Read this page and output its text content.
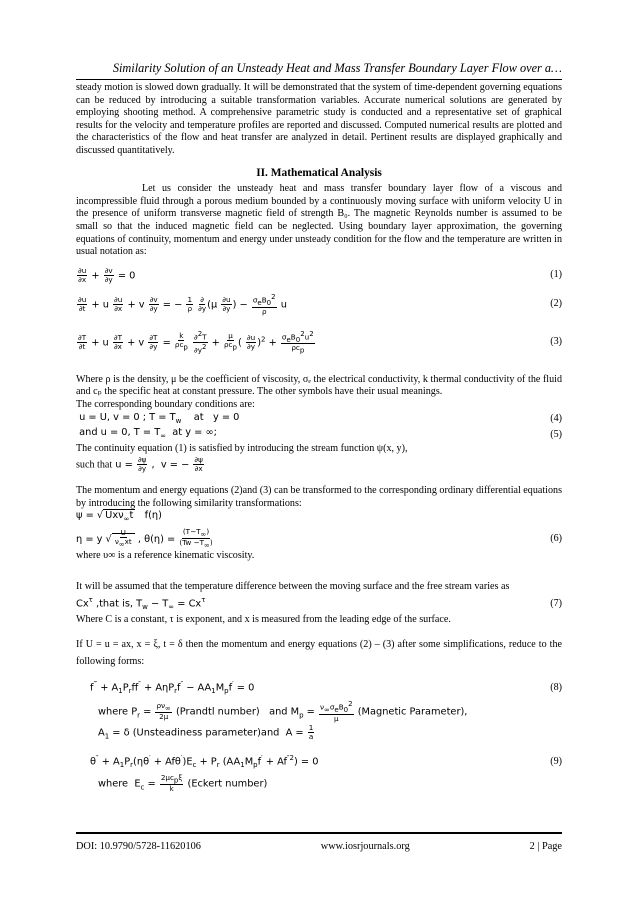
Similarity Solution of an Unsteady Heat and Mass Transfer Boundary Layer Flow over a…

steady motion is slowed down gradually. It will be demonstrated that the system of time-dependent governing equations can be reduced by introducing a suitable transformation variables. Accurate numerical solutions are generated by employing shooting method. A comprehensive parametric study is conducted and a representative set of graphical results for the velocity and temperature profiles are reported and discussed. Computed numerical results are plotted and the characteristics of the flow and heat transfer are analyzed in detail. Pertinent results are displayed graphically and discussed quantitatively.

II. Mathematical Analysis

Let us consider the unsteady heat and mass transfer boundary layer flow of a viscous and incompressible fluid through a porous medium bounded by a continuously moving surface with uniform velocity U in the presence of uniform transverse magnetic field of strength B₀. The magnetic Reynolds number is assumed to be small so that the induced magnetic field can be neglected. Using boundary layer approximation, the governing equations of continuity, momentum and energy under unsteady condition for the flow and the temperature are written in usual notation as:

$\frac{\partial u}{\partial x} + \frac{\partial v}{\partial y} = 0$	(1)
$\frac{\partial u}{\partial t} + u \frac{\partial u}{\partial x} + v \frac{\partial v}{\partial y}$ = − $\frac{1}{\rho}$
$\frac{\partial}{\partial y} (\mu \frac{\partial u}{\partial y}$ ) − $\frac{\sigma_eB_0^2}{\rho}$ u	(2)
$\frac{\partial T}{\partial t} + u \frac{\partial T}{\partial x} + v \frac{\partial T}{\partial y} = \frac{k}{\rho c_p}$
$\frac{\partial^2T}{\partial y^2} + \frac{\mu}{\rho c_p}$ ( $\frac{\partial u}{\partial y} )^2 + \frac{\sigma_eB_0^2u^2}{\rho c_p}$	(3)

Where ρ is the density, μ be the coefficient of viscosity, σₑ the electrical conductivity, k thermal conductivity of the fluid and cₚ the specific heat at constant pressure. The other symbols have their usual meanings.

The corresponding boundary conditions are:

u = U, v = 0 ; $T = T_w$    at   y = 0	(4)
and u = 0, $T = T_\infty$  at y = ∞;	(5)

The continuity equation (1) is satisfied by introducing the stream function ψ(x, y),

such that $u = \frac{\partial\psi}{\partial y}$ ,  v = − $\frac{\partial\psi}{\partial x}$

The momentum and energy equations (2)and (3) can be transformed to the corresponding ordinary differential equations by introducing the following similarity transformations:

ψ = √ Uxν$_\infty$t   f(η)
η = y √ $\frac{U}{\nu_\infty xt}$ , $\theta(\eta) = \frac{(T-T_\infty)}{(Tw -T_\infty)}$	(6)

where υ∞ is a reference kinematic viscosity.

It will be assumed that the temperature difference between the moving surface and the free stream varies as

$Cx^\tau$ ,that is, $T_w - T_\infty = Cx^\tau$	(7)

Where C is a constant, τ is exponent, and x is measured from the leading edge of the surface.

If U = u = ax, x = ξ, t = δ then the momentum and energy equations (2) – (3) after some simplifications, reduce to the following forms:

$f^‴ + A_1P_rff'' + A\eta P_rf'' - AA_1M_pf' = 0$	(8)
where $P_r = \frac{\rho\nu_\infty}{2\mu}$ (Prandtl number)   and $M_p = \frac{\nu_\infty\sigma_eB_0^2}{\mu}$ (Magnetic Parameter),
$A_1 = \delta$ (Unsteadiness parameter)and  $A = \frac{1}{a}$
$\theta'' + A_1P_r(\eta\theta' + Af\theta')E_c + P_r$ $(AA_1M_pf' + Af^{''2}) = 0$	(9)
where  $E_c = \frac{2\mu c_p\xi}{k}$ (Eckert number)
DOI: 10.9790/5728-11620106	www.iosrjournals.org	2 | Page
